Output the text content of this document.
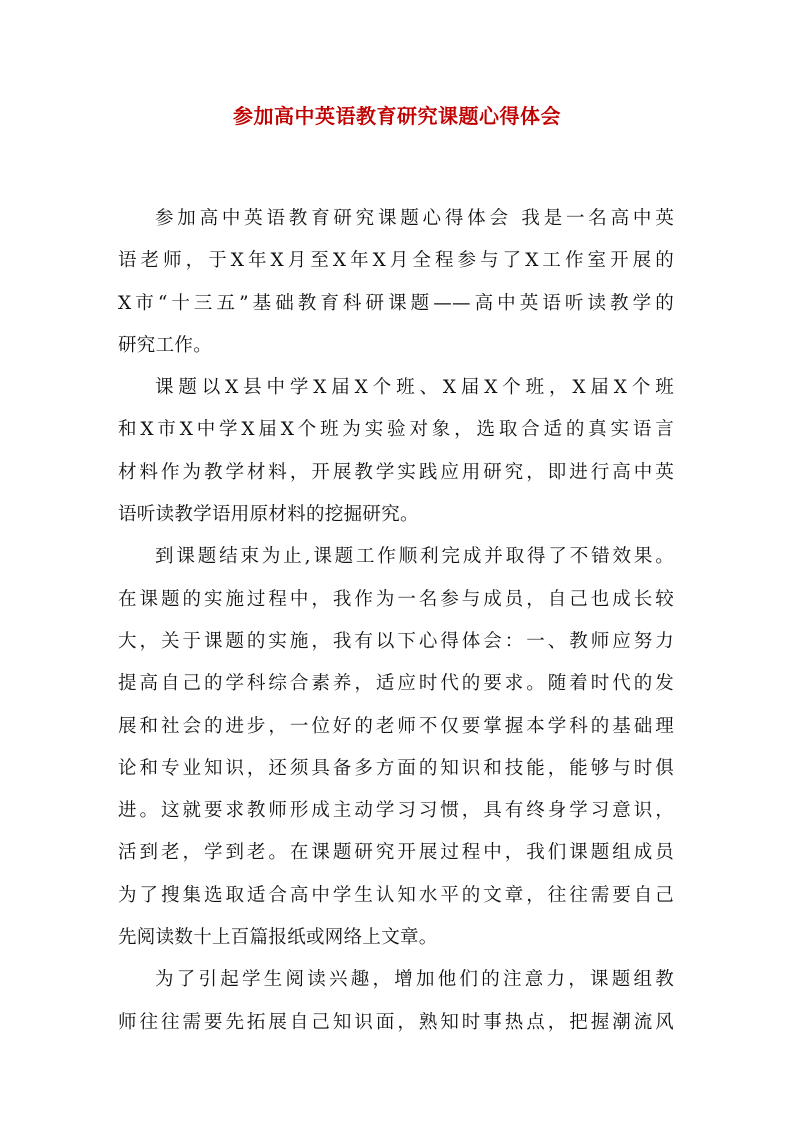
参加高中英语教育研究课题心得体会
参加高中英语教育研究课题心得体会 我是一名高中英
语老师，于X年X月至X年X月全程参与了X工作室开展的
X市“十三五”基础教育科研课题——高中英语听读教学的
研究工作。
课题以X县中学X届X个班、X届X个班，X届X个班
和X市X中学X届X个班为实验对象，选取合适的真实语言
材料作为教学材料，开展教学实践应用研究，即进行高中英
语听读教学语用原材料的挖掘研究。
到课题结束为止,课题工作顺利完成并取得了不错效果。
在课题的实施过程中，我作为一名参与成员，自己也成长较
大，关于课题的实施，我有以下心得体会：一、教师应努力
提高自己的学科综合素养，适应时代的要求。随着时代的发
展和社会的进步，一位好的老师不仅要掌握本学科的基础理
论和专业知识，还须具备多方面的知识和技能，能够与时俱
进。这就要求教师形成主动学习习惯，具有终身学习意识，
活到老，学到老。在课题研究开展过程中，我们课题组成员
为了搜集选取适合高中学生认知水平的文章，往往需要自己
先阅读数十上百篇报纸或网络上文章。
为了引起学生阅读兴趣，增加他们的注意力，课题组教
师往往需要先拓展自己知识面，熟知时事热点，把握潮流风
